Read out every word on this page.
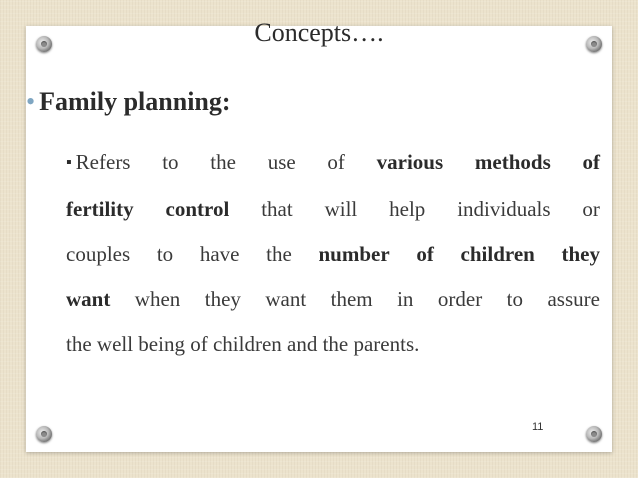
Concepts….
• Family planning:
▪ Refers to the use of various methods of
fertility control that will help individuals or
couples to have the number of children they
want when they want them in order to assure
the well being of children and the parents.
11
